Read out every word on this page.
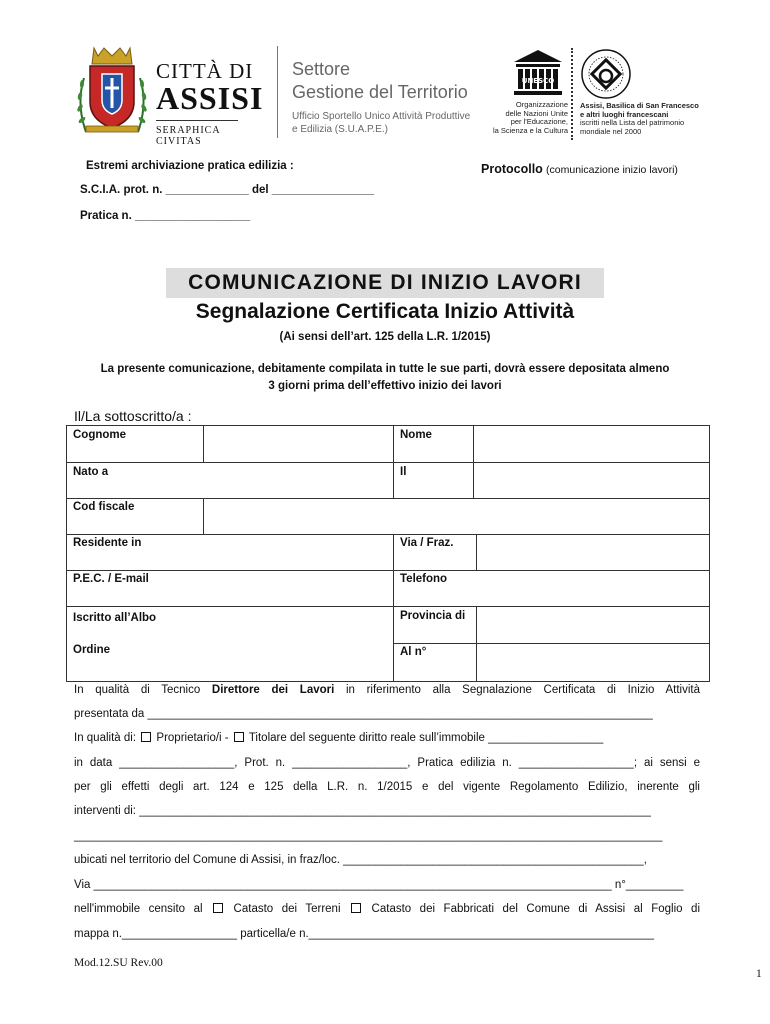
CITTÀ DI
ASSISI
SERAPHICA CIVITAS
Settore
Gestione del Territorio
Ufficio Sportello Unico Attività Produttive
e Edilizia (S.U.A.P.E.)
UNESCO
Organizzazione
delle Nazioni Unite
per l'Educazione,
la Scienza e la Cultura
Assisi, Basilica di San Francesco
e altri luoghi francescani
iscritti nella Lista del patrimonio
mondiale nel 2000
Estremi archiviazione pratica edilizia :	Protocollo (comunicazione inizio lavori)
S.C.I.A. prot. n. _____________ del ________________
Pratica n. __________________
COMUNICAZIONE DI INIZIO LAVORI
Segnalazione Certificata Inizio Attività
(Ai sensi dell’art. 125 della L.R. 1/2015)
La presente comunicazione, debitamente compilata in tutte le sue parti, dovrà essere depositata almeno
3 giorni prima dell’effettivo inizio dei lavori
Il/La sottoscritto/a :
Cognome	Nome
Nato a	Il
Cod fiscale
Residente in	Via / Fraz.
P.E.C. / E-mail	Telefono
Iscritto all’Albo	Provincia di
Ordine	Al n°
In qualità di Tecnico Direttore dei Lavori in riferimento alla Segnalazione Certificata di Inizio Attività
presentata da _______________________________________________________________________________
In qualità di:  Proprietario/i -  Titolare del seguente diritto reale sull’immobile __________________
in data __________________, Prot. n. __________________, Pratica edilizia n. __________________; ai sensi e
per gli effetti degli art. 124 e 125 della L.R. n. 1/2015 e del vigente Regolamento Edilizio, inerente gli
interventi di: ________________________________________________________________________________
____________________________________________________________________________________________
ubicati nel territorio del Comune di Assisi, in fraz/loc. _______________________________________________,
Via _________________________________________________________________________________ n°_________
nell'immobile censito al  Catasto dei Terreni  Catasto dei Fabbricati del Comune di Assisi al Foglio di
mappa n.__________________ particella/e n.______________________________________________________
Mod.12.SU Rev.00
1
